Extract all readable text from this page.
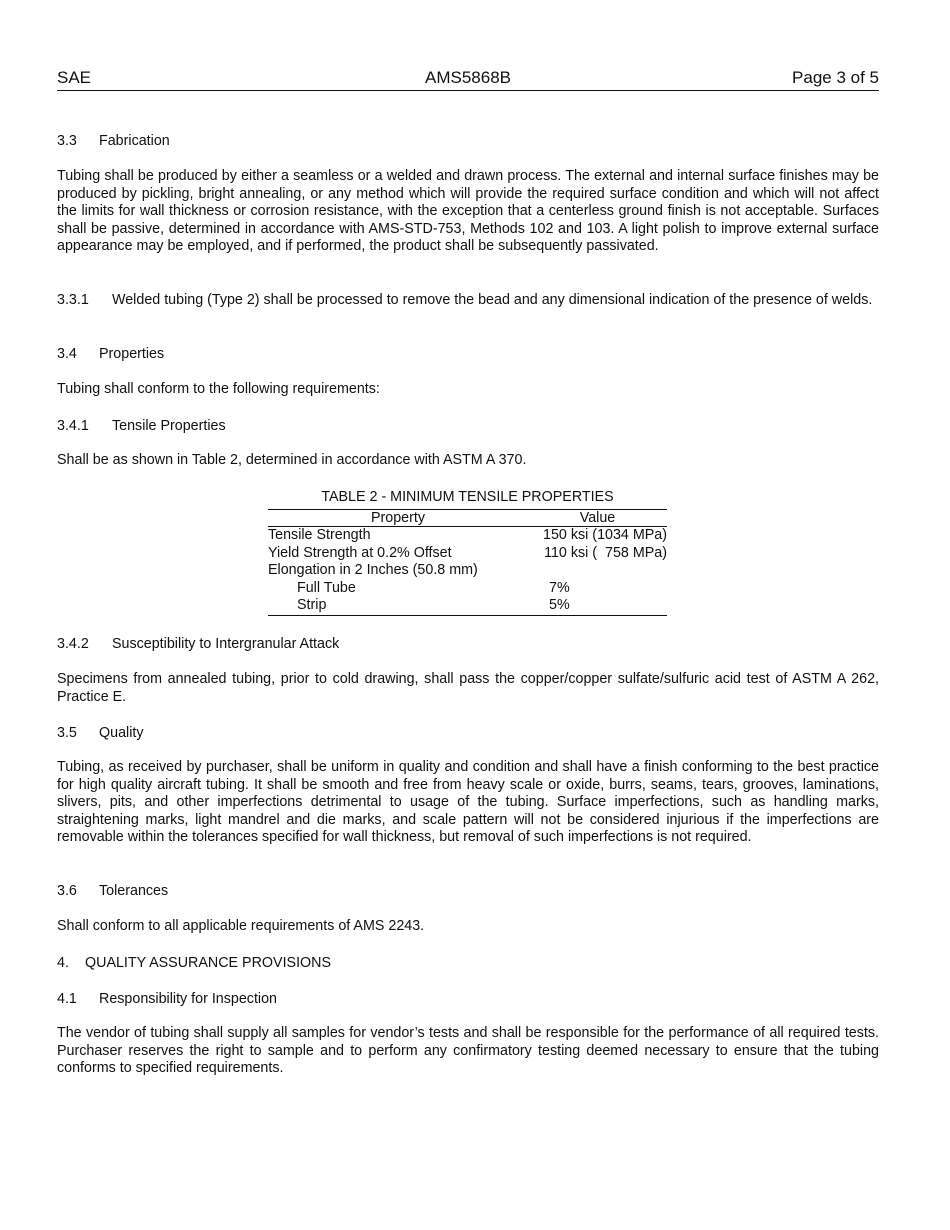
SAE	AMS5868B	Page 3 of 5
3.3 Fabrication

Tubing shall be produced by either a seamless or a welded and drawn process. The external and internal surface finishes may be produced by pickling, bright annealing, or any method which will provide the required surface condition and which will not affect the limits for wall thickness or corrosion resistance, with the exception that a centerless ground finish is not acceptable. Surfaces shall be passive, determined in accordance with AMS-STD-753, Methods 102 and 103. A light polish to improve external surface appearance may be employed, and if performed, the product shall be subsequently passivated.

3.3.1	Welded tubing (Type 2) shall be processed to remove the bead and any dimensional indication of the presence of welds.
3.4 Properties

Tubing shall conform to the following requirements:

3.4.1 Tensile Properties

Shall be as shown in Table 2, determined in accordance with ASTM A 370.

TABLE 2 - MINIMUM TENSILE PROPERTIES
Property	Value
Tensile Strength	150 ksi (1034 MPa)
Yield Strength at 0.2% Offset	110 ksi (  758 MPa)
Elongation in 2 Inches (50.8 mm)	
Full Tube	7%
Strip	5%
3.4.2 Susceptibility to Intergranular Attack

Specimens from annealed tubing, prior to cold drawing, shall pass the copper/copper sulfate/sulfuric acid test of ASTM A 262, Practice E.

3.5 Quality

Tubing, as received by purchaser, shall be uniform in quality and condition and shall have a finish conforming to the best practice for high quality aircraft tubing. It shall be smooth and free from heavy scale or oxide, burrs, seams, tears, grooves, laminations, slivers, pits, and other imperfections detrimental to usage of the tubing. Surface imperfections, such as handling marks, straightening marks, light mandrel and die marks, and scale pattern will not be considered injurious if the imperfections are removable within the tolerances specified for wall thickness, but removal of such imperfections is not required.

3.6 Tolerances

Shall conform to all applicable requirements of AMS 2243.

4. QUALITY ASSURANCE PROVISIONS
4.1 Responsibility for Inspection

The vendor of tubing shall supply all samples for vendor’s tests and shall be responsible for the performance of all required tests. Purchaser reserves the right to sample and to perform any confirmatory testing deemed necessary to ensure that the tubing conforms to specified requirements.
